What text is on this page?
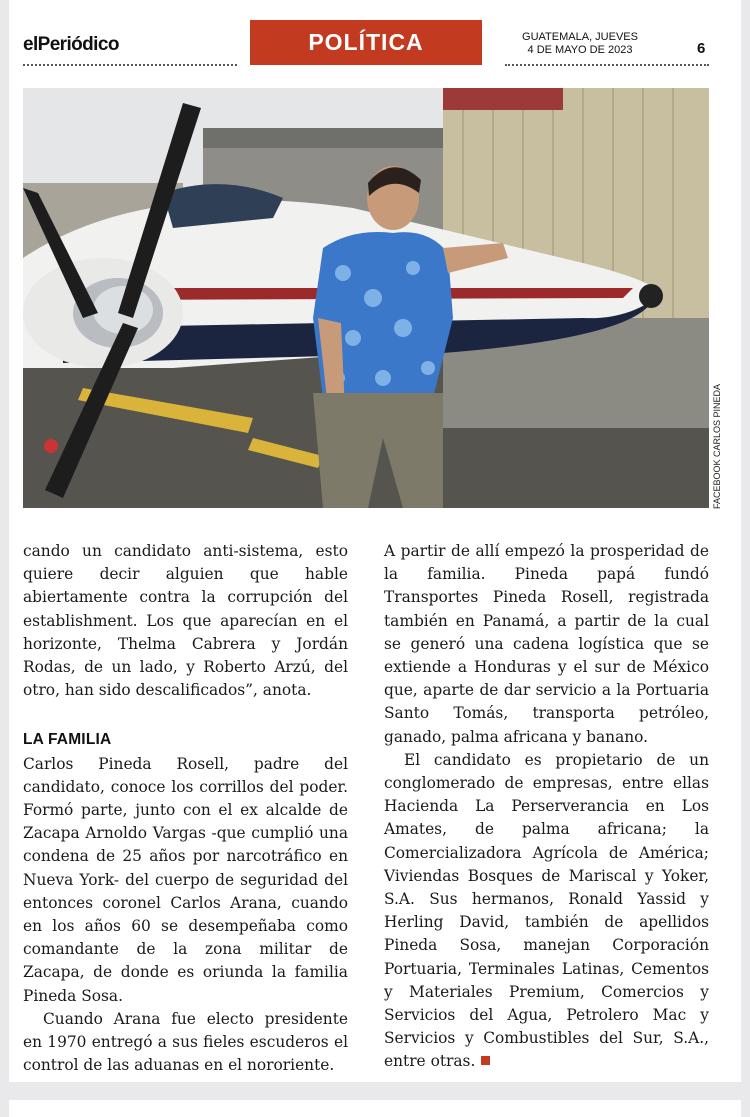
elPeriódico	POLÍTICA	GUATEMALA, JUEVES
4 DE MAYO DE 2023	6
FACEBOOK CARLOS PINEDA

cando un candidato anti-sistema, esto quiere decir alguien que hable abiertamente contra la corrupción del establishment. Los que aparecían en el horizonte, Thelma Cabrera y Jordán Rodas, de un lado, y Roberto Arzú, del otro, han sido descalificados”, anota.

LA FAMILIA

Carlos Pineda Rosell, padre del candidato, conoce los corrillos del poder. Formó parte, junto con el ex alcalde de Zacapa Arnoldo Vargas -que cumplió una condena de 25 años por narcotráfico en Nueva York- del cuerpo de seguridad del entonces coronel Carlos Arana, cuando en los años 60 se desempeñaba como comandante de la zona militar de Zacapa, de donde es oriunda la familia Pineda Sosa.

Cuando Arana fue electo presidente en 1970 entregó a sus fieles escuderos el control de las aduanas en el nororiente.

A partir de allí empezó la prosperidad de la familia. Pineda papá fundó Transportes Pineda Rosell, registrada también en Panamá, a partir de la cual se generó una cadena logística que se extiende a Honduras y el sur de México que, aparte de dar servicio a la Portuaria Santo Tomás, transporta petróleo, ganado, palma africana y banano.

El candidato es propietario de un conglomerado de empresas, entre ellas Hacienda La Perserverancia en Los Amates, de palma africana; la Comercializadora Agrícola de América; Viviendas Bosques de Mariscal y Yoker, S.A. Sus hermanos, Ronald Yassid y Herling David, también de apellidos Pineda Sosa, manejan Corporación Portuaria, Terminales Latinas, Cementos y Materiales Premium, Comercios y Servicios del Agua, Petrolero Mac y Servicios y Combustibles del Sur, S.A., entre otras.
